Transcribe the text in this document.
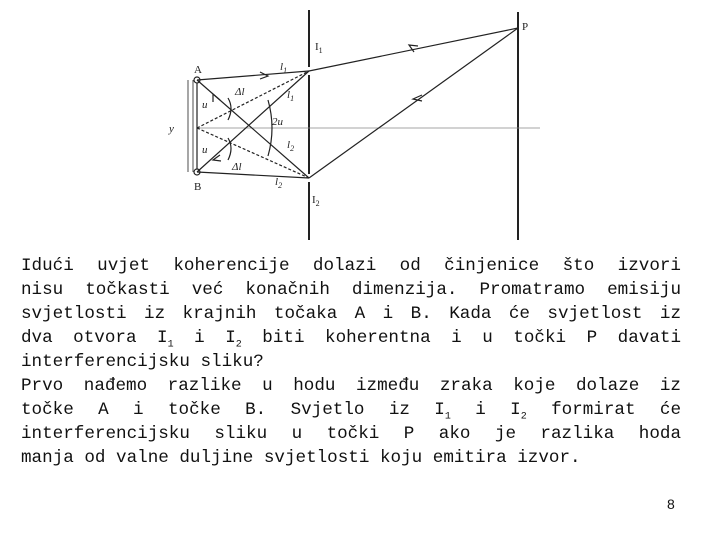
A
B
P
$I_1$
$I_2$
y
$l_1$
$l_1$
$l_2$
$l_2$
u
u
2u
Δl
Δl
Idući uvjet koherencije dolazi od činjenice što izvori
nisu točkasti već konačnih dimenzija. Promatramo emisiju
svjetlosti iz krajnih točaka A i B. Kada će svjetlost iz
dva otvora $I_1$ i $I_2$ biti koherentna i u točki P davati
interferencijsku sliku?
Prvo nađemo razlike u hodu između zraka koje dolaze iz
točke A i točke B. Svjetlo iz $I_1$ i $I_2$ formirat će
interferencijsku sliku u točki P ako je razlika hoda
manja od valne duljine svjetlosti koju emitira izvor.
8
